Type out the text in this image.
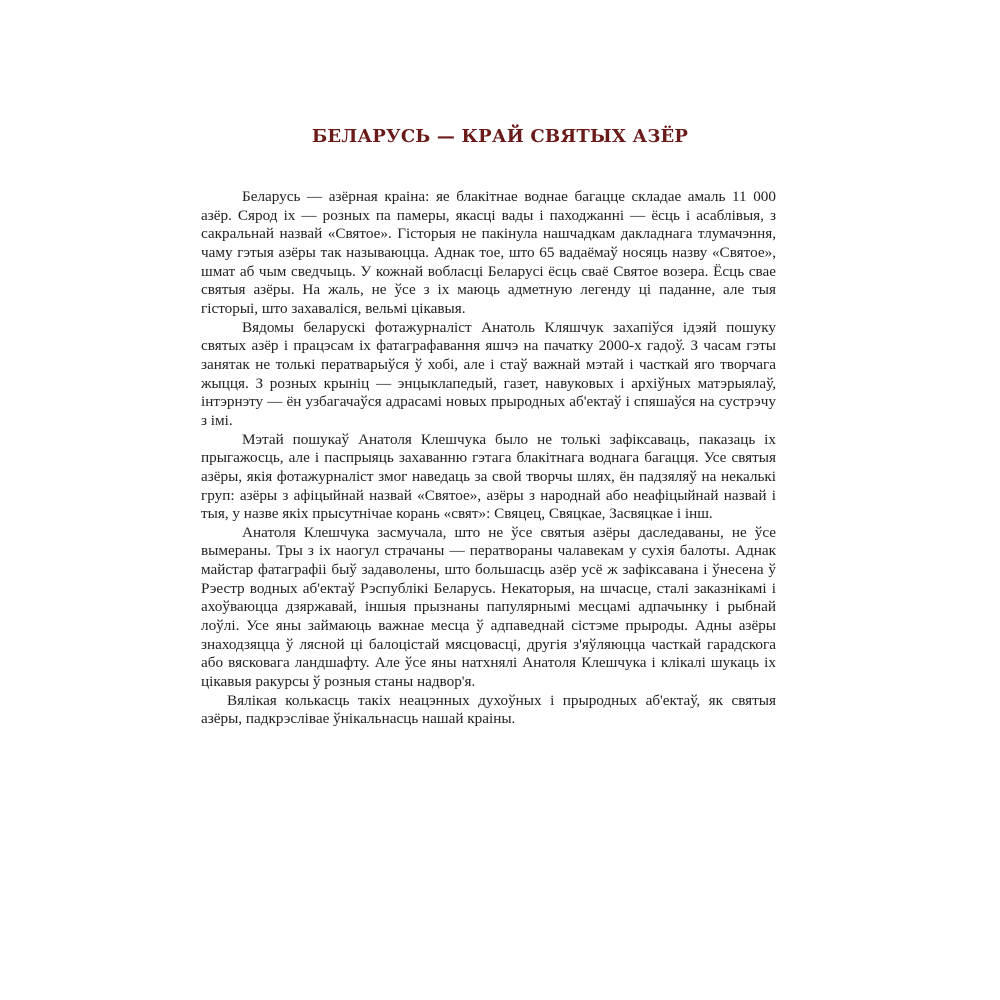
БЕЛАРУСЬ — КРАЙ СВЯТЫХ АЗЁР

Беларусь — азёрная краіна: яе блакітнае воднае багацце складае амаль 11 000 азёр. Сярод іх — розных па памеры, якасці вады і паходжанні — ёсць і асаблівыя, з сакральнай назвай «Святое». Гісторыя не пакінула нашчадкам дакладнага тлумачэння, чаму гэтыя азёры так называюцца. Аднак тое, што 65 вадаёмаў носяць назву «Святое», шмат аб чым сведчыць. У кожнай вобласці Беларусі ёсць сваё Святое возера. Ёсць свае святыя азёры. На жаль, не ўсе з іх маюць адметную легенду ці паданне, але тыя гісторыі, што захаваліся, вельмі цікавыя.

Вядомы беларускі фотажурналіст Анатоль Кляшчук захапіўся ідэяй пошуку святых азёр і працэсам іх фатаграфавання яшчэ на пачатку 2000-х гадоў. З часам гэты занятак не толькі ператварыўся ў хобі, але і стаў важнай мэтай і часткай яго творчага жыцця. З розных крыніц — энцыклапедый, газет, навуковых і архіўных матэрыялаў, інтэрнэту — ён узбагачаўся адрасамі новых прыродных аб'ектаў і спяшаўся на сустрэчу з імі.

Мэтай пошукаў Анатоля Клешчука было не толькі зафіксаваць, паказаць іх прыгажосць, але і паспрыяць захаванню гэтага блакітнага воднага багацця. Усе святыя азёры, якія фотажурналіст змог наведаць за свой творчы шлях, ён падзяляў на некалькі груп: азёры з афіцыйнай назвай «Святое», азёры з народнай або неафіцыйнай назвай і тыя, у назве якіх прысутнічае корань «свят»: Свяцец, Свяцкае, Засвяцкае і інш.

Анатоля Клешчука засмучала, што не ўсе святыя азёры даследаваны, не ўсе вымераны. Тры з іх наогул страчаны — ператвораны чалавекам у сухія балоты. Аднак майстар фатаграфіі быў задаволены, што большасць азёр усё ж зафіксавана і ўнесена ў Рэестр водных аб'ектаў Рэспублікі Беларусь. Некаторыя, на шчасце, сталі заказнікамі і ахоўваюцца дзяржавай, іншыя прызнаны папулярнымі месцамі адпачынку і рыбнай лоўлі. Усе яны займаюць важнае месца ў адпаведнай сістэме прыроды. Адны азёры знаходзяцца ў лясной ці балоцістай мясцовасці, другія з'яўляюцца часткай гарадскога або вясковага ландшафту. Але ўсе яны натхнялі Анатоля Клешчука і клікалі шукаць іх цікавыя ракурсы ў розныя станы надвор'я.

Вялікая колькасць такіх неацэнных духоўных і прыродных аб'ектаў, як святыя азёры, падкрэслівае ўнікальнасць нашай краіны.
